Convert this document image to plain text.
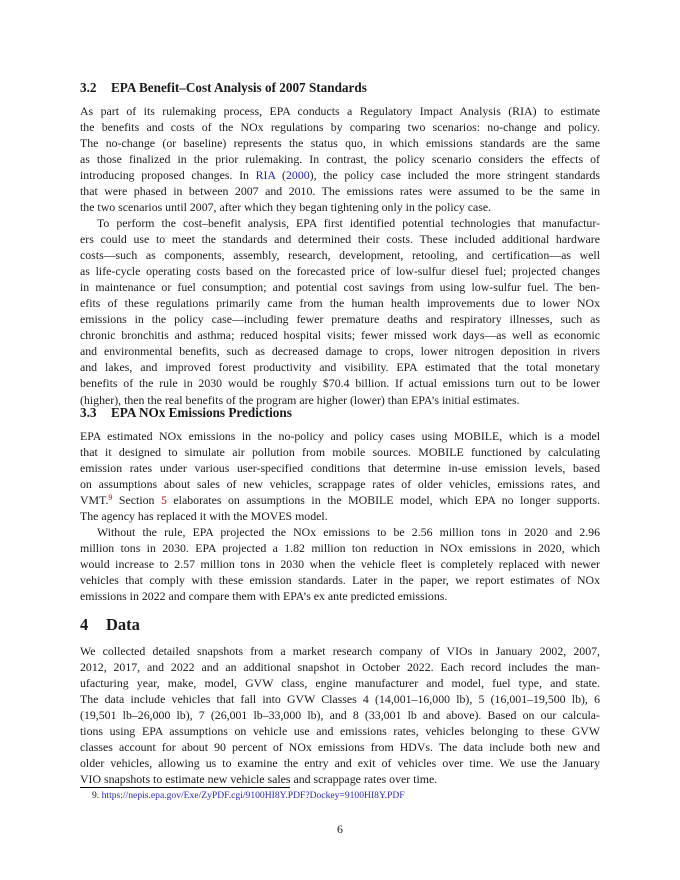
3.2 EPA Benefit–Cost Analysis of 2007 Standards
As part of its rulemaking process, EPA conducts a Regulatory Impact Analysis (RIA) to estimate
the benefits and costs of the NOx regulations by comparing two scenarios: no-change and policy.
The no-change (or baseline) represents the status quo, in which emissions standards are the same
as those finalized in the prior rulemaking. In contrast, the policy scenario considers the effects of
introducing proposed changes. In RIA (2000), the policy case included the more stringent standards
that were phased in between 2007 and 2010. The emissions rates were assumed to be the same in
the two scenarios until 2007, after which they began tightening only in the policy case.
To perform the cost–benefit analysis, EPA first identified potential technologies that manufactur-
ers could use to meet the standards and determined their costs. These included additional hardware
costs—such as components, assembly, research, development, retooling, and certification—as well
as life-cycle operating costs based on the forecasted price of low-sulfur diesel fuel; projected changes
in maintenance or fuel consumption; and potential cost savings from using low-sulfur fuel. The ben-
efits of these regulations primarily came from the human health improvements due to lower NOx
emissions in the policy case—including fewer premature deaths and respiratory illnesses, such as
chronic bronchitis and asthma; reduced hospital visits; fewer missed work days—as well as economic
and environmental benefits, such as decreased damage to crops, lower nitrogen deposition in rivers
and lakes, and improved forest productivity and visibility. EPA estimated that the total monetary
benefits of the rule in 2030 would be roughly $70.4 billion. If actual emissions turn out to be lower
(higher), then the real benefits of the program are higher (lower) than EPA’s initial estimates.
3.3 EPA NOx Emissions Predictions
EPA estimated NOx emissions in the no-policy and policy cases using MOBILE, which is a model
that it designed to simulate air pollution from mobile sources. MOBILE functioned by calculating
emission rates under various user-specified conditions that determine in-use emission levels, based
on assumptions about sales of new vehicles, scrappage rates of older vehicles, emissions rates, and
VMT.$^9$ Section 5 elaborates on assumptions in the MOBILE model, which EPA no longer supports.
The agency has replaced it with the MOVES model.
Without the rule, EPA projected the NOx emissions to be 2.56 million tons in 2020 and 2.96
million tons in 2030. EPA projected a 1.82 million ton reduction in NOx emissions in 2020, which
would increase to 2.57 million tons in 2030 when the vehicle fleet is completely replaced with newer
vehicles that comply with these emission standards. Later in the paper, we report estimates of NOx
emissions in 2022 and compare them with EPA’s ex ante predicted emissions.
4 Data
We collected detailed snapshots from a market research company of VIOs in January 2002, 2007,
2012, 2017, and 2022 and an additional snapshot in October 2022. Each record includes the man-
ufacturing year, make, model, GVW class, engine manufacturer and model, fuel type, and state.
The data include vehicles that fall into GVW Classes 4 (14,001–16,000 lb), 5 (16,001–19,500 lb), 6
(19,501 lb–26,000 lb), 7 (26,001 lb–33,000 lb), and 8 (33,001 lb and above). Based on our calcula-
tions using EPA assumptions on vehicle use and emissions rates, vehicles belonging to these GVW
classes account for about 90 percent of NOx emissions from HDVs. The data include both new and
older vehicles, allowing us to examine the entry and exit of vehicles over time. We use the January
VIO snapshots to estimate new vehicle sales and scrappage rates over time.
9. https://nepis.epa.gov/Exe/ZyPDF.cgi/9100HI8Y.PDF?Dockey=9100HI8Y.PDF
6
